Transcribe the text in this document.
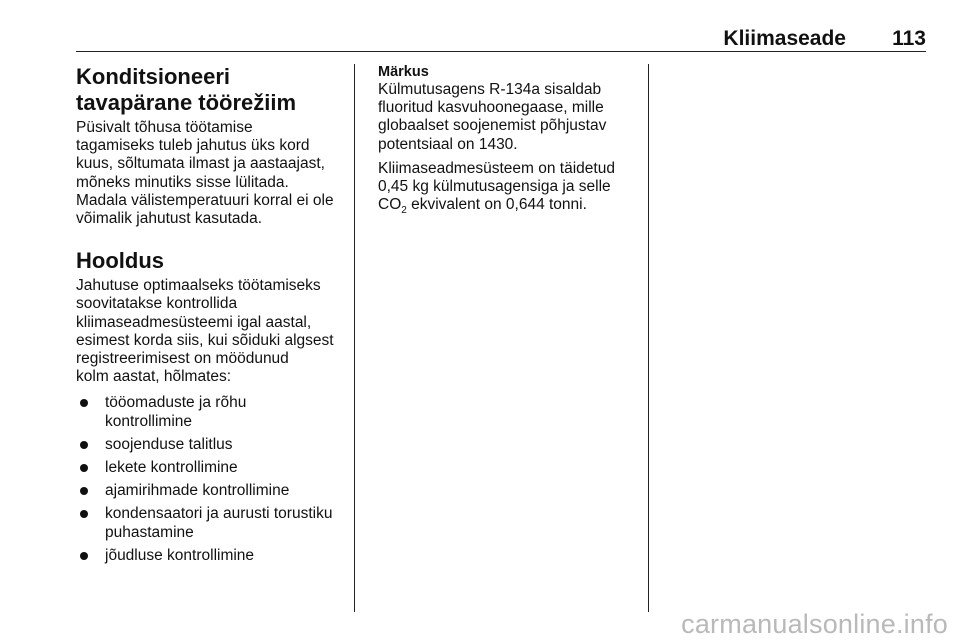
Kliimaseade 113
Konditsioneeri tavapärane töörežiim

Püsivalt tõhusa töötamise
tagamiseks tuleb jahutus üks kord
kuus, sõltumata ilmast ja aastaajast,
mõneks minutiks sisse lülitada.
Madala välistemperatuuri korral ei ole
võimalik jahutust kasutada.

Hooldus

Jahutuse optimaalseks töötamiseks
soovitatakse kontrollida
kliimaseadmesüsteemi igal aastal,
esimest korda siis, kui sõiduki algsest
registreerimisest on möödunud
kolm aastat, hõlmates:

tööomaduste ja rõhu
kontrollimine
soojenduse talitlus
lekete kontrollimine
ajamirihmade kontrollimine
kondensaatori ja aurusti torustiku
puhastamine
jõudluse kontrollimine
Märkus

Külmutusagens R-134a sisaldab
fluoritud kasvuhoonegaase, mille
globaalset soojenemist põhjustav
potentsiaal on 1430.

Kliimaseadmesüsteem on täidetud
0,45 kg külmutusagensiga ja selle
$CO_2$ ekvivalent on 0,644 tonni.

carmanualsonline.info
